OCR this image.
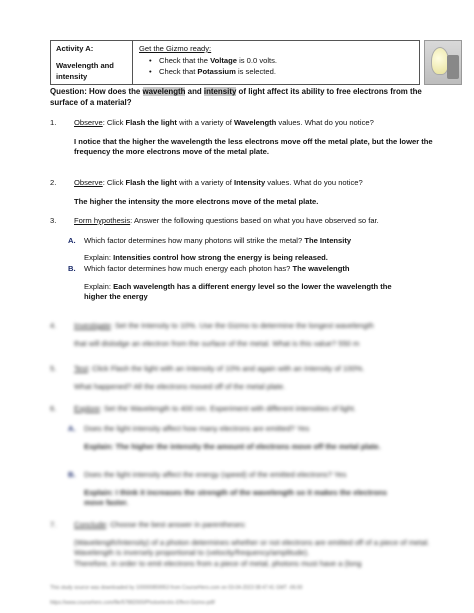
Activity A:
Wavelength and intensity
Get the Gizmo ready:
• Check that the Voltage is 0.0 volts.
• Check that Potassium is selected.
Question: How does the wavelength and intensity of light affect its ability to free electrons from the surface of a material?
1.	Observe: Click Flash the light with a variety of Wavelength values. What do you notice?
I notice that the higher the wavelength the less electrons move off the metal plate, but the lower the frequency the more electrons move of the metal plate.
2.	Observe: Click Flash the light with a variety of Intensity values. What do you notice?
The higher the intensity the more electrons move of the metal plate.
3.	Form hypothesis: Answer the following questions based on what you have observed so far.
A. Which factor determines how many photons will strike the metal? The Intensity
Explain: Intensities control how strong the energy is being released.
B. Which factor determines how much energy each photon has? The wavelength
Explain: Each wavelength has a different energy level so the lower the wavelength the higher the energy
4.	Investigate: Set the Intensity to 10%. Use the Gizmo to determine the longest wavelength
that will dislodge an electron from the surface of the metal. What is this value? 550 m
5.	Test: Click Flash the light with an Intensity of 10% and again with an Intensity of 100%.
What happened? All the electrons moved off of the metal plate.
6.	Explore: Set the Wavelength to 400 nm. Experiment with different intensities of light.
A. Does the light intensity affect how many electrons are emitted? Yes
Explain: The higher the intensity the amount of electrons move off the metal plate.
B. Does the light intensity affect the energy (speed) of the emitted electrons? Yes
Explain: I think it increases the strength of the wavelength so it makes the electrons move faster.
7.	Conclude: Choose the best answer in parentheses:
(Wavelength/Intensity) of a photon determines whether or not electrons are emitted off of a piece of metal. Wavelength is inversely proportional to (velocity/frequency/amplitude).
Therefore, in order to emit electrons from a piece of metal, photons must have a (long
This study source was downloaded by 100000859953 from CourseHero.com on 03-04-2023 08:47:41 GMT -06:00
https://www.coursehero.com/file/57882000/Photoelectric-Effect-Gizmo-pdf/
